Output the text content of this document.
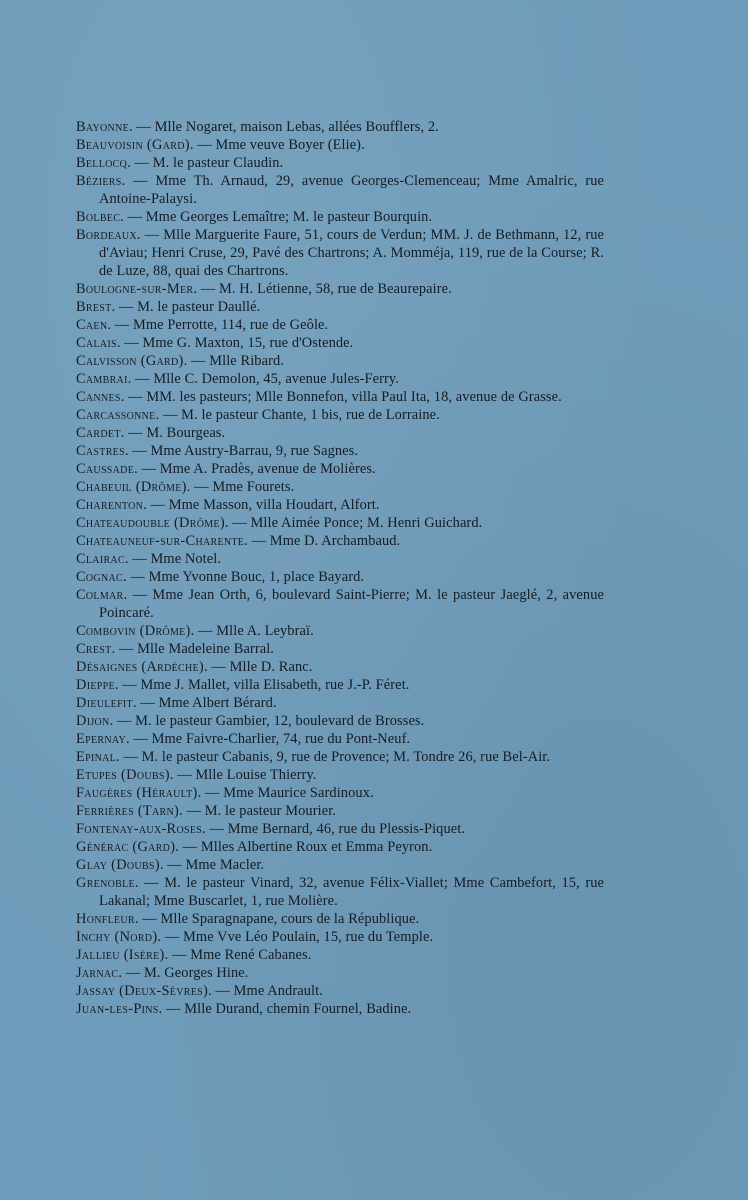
Bayonne. — Mlle Nogaret, maison Lebas, allées Boufflers, 2.

Beauvoisin (Gard). — Mme veuve Boyer (Elie).

Bellocq. — M. le pasteur Claudin.

Béziers. — Mme Th. Arnaud, 29, avenue Georges-Clemenceau; Mme Amalric, rue Antoine-Palaysi.

Bolbec. — Mme Georges Lemaître; M. le pasteur Bourquin.

Bordeaux. — Mlle Marguerite Faure, 51, cours de Verdun; MM. J. de Bethmann, 12, rue d'Aviau; Henri Cruse, 29, Pavé des Chartrons; A. Momméja, 119, rue de la Course; R. de Luze, 88, quai des Chartrons.

Boulogne-sur-Mer. — M. H. Létienne, 58, rue de Beaurepaire.

Brest. — M. le pasteur Daullé.

Caen. — Mme Perrotte, 114, rue de Geôle.

Calais. — Mme G. Maxton, 15, rue d'Ostende.

Calvisson (Gard). — Mlle Ribard.

Cambrai. — Mlle C. Demolon, 45, avenue Jules-Ferry.

Cannes. — MM. les pasteurs; Mlle Bonnefon, villa Paul Ita, 18, avenue de Grasse.

Carcassonne. — M. le pasteur Chante, 1 bis, rue de Lorraine.

Cardet. — M. Bourgeas.

Castres. — Mme Austry-Barrau, 9, rue Sagnes.

Caussade. — Mme A. Pradès, avenue de Molières.

Chabeuil (Drôme). — Mme Fourets.

Charenton. — Mme Masson, villa Houdart, Alfort.

Chateaudouble (Drôme). — Mlle Aimée Ponce; M. Henri Guichard.

Chateauneuf-sur-Charente. — Mme D. Archambaud.

Clairac. — Mme Notel.

Cognac. — Mme Yvonne Bouc, 1, place Bayard.

Colmar. — Mme Jean Orth, 6, boulevard Saint-Pierre; M. le pasteur Jaeglé, 2, avenue Poincaré.

Combovin (Drôme). — Mlle A. Leybraï.

Crest. — Mlle Madeleine Barral.

Désaignes (Ardèche). — Mlle D. Ranc.

Dieppe. — Mme J. Mallet, villa Elisabeth, rue J.-P. Féret.

Dieulefit. — Mme Albert Bérard.

Dijon. — M. le pasteur Gambier, 12, boulevard de Brosses.

Epernay. — Mme Faivre-Charlier, 74, rue du Pont-Neuf.

Epinal. — M. le pasteur Cabanis, 9, rue de Provence; M. Tondre 26, rue Bel-Air.

Etupes (Doubs). — Mlle Louise Thierry.

Faugères (Hérault). — Mme Maurice Sardinoux.

Ferrières (Tarn). — M. le pasteur Mourier.

Fontenay-aux-Roses. — Mme Bernard, 46, rue du Plessis-Piquet.

Générac (Gard). — Mlles Albertine Roux et Emma Peyron.

Glay (Doubs). — Mme Macler.

Grenoble. — M. le pasteur Vinard, 32, avenue Félix-Viallet; Mme Cambefort, 15, rue Lakanal; Mme Buscarlet, 1, rue Molière.

Honfleur. — Mlle Sparagnapane, cours de la République.

Inchy (Nord). — Mme Vve Léo Poulain, 15, rue du Temple.

Jallieu (Isère). — Mme René Cabanes.

Jarnac. — M. Georges Hine.

Jassay (Deux-Sèvres). — Mme Andrault.

Juan-les-Pins. — Mlle Durand, chemin Fournel, Badine.
